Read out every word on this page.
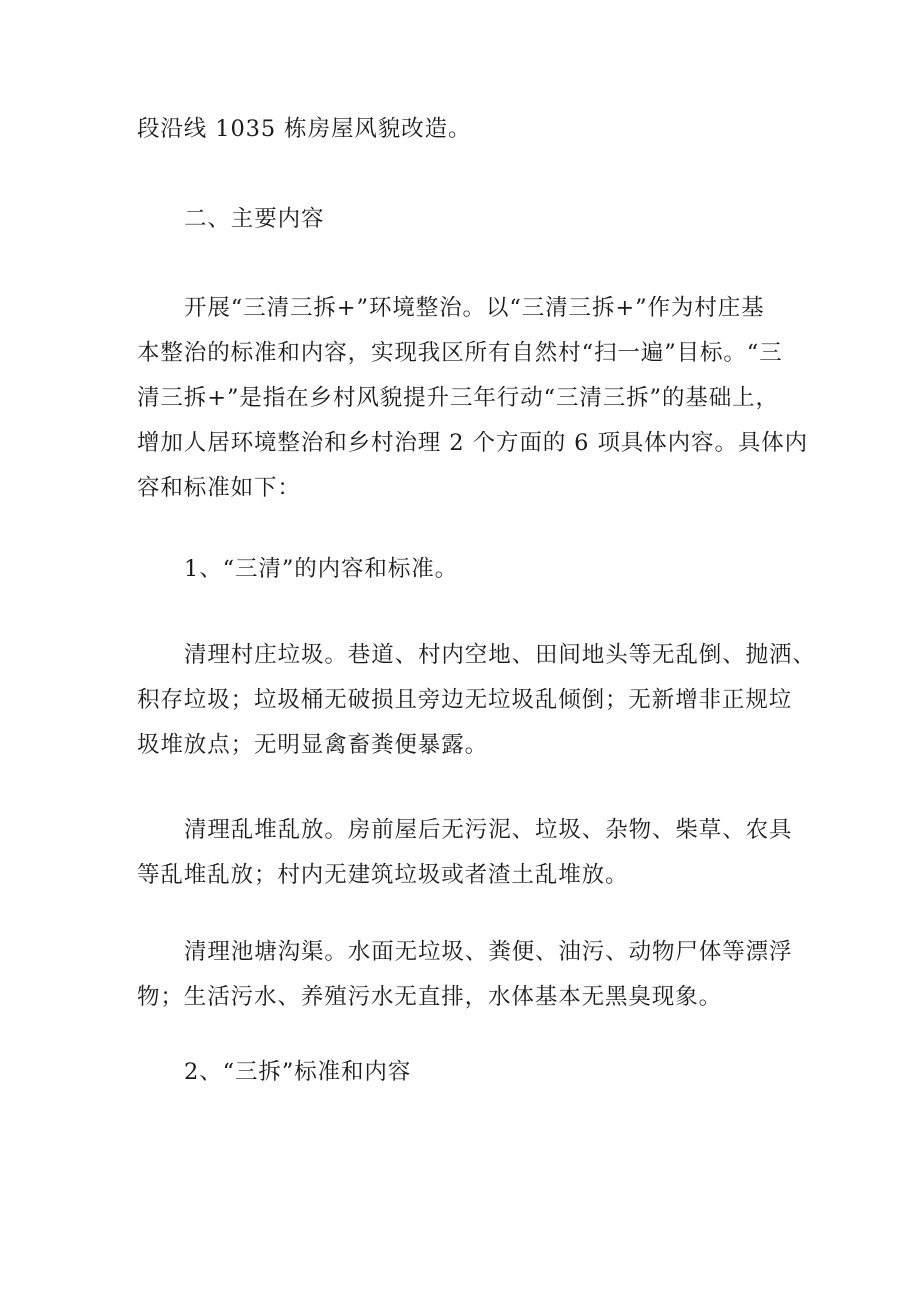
段沿线 1035 栋房屋风貌改造。

二、主要内容

开展“三清三拆+”环境整治。以“三清三拆+”作为村庄基
本整治的标准和内容，实现我区所有自然村“扫一遍”目标。“三
清三拆+”是指在乡村风貌提升三年行动“三清三拆”的基础上，
增加人居环境整治和乡村治理 2 个方面的 6 项具体内容。具体内
容和标准如下：

1、“三清”的内容和标准。

清理村庄垃圾。巷道、村内空地、田间地头等无乱倒、抛洒、
积存垃圾；垃圾桶无破损且旁边无垃圾乱倾倒；无新增非正规垃
圾堆放点；无明显禽畜粪便暴露。

清理乱堆乱放。房前屋后无污泥、垃圾、杂物、柴草、农具
等乱堆乱放；村内无建筑垃圾或者渣土乱堆放。

清理池塘沟渠。水面无垃圾、粪便、油污、动物尸体等漂浮
物；生活污水、养殖污水无直排，水体基本无黑臭现象。

2、“三拆”标准和内容
